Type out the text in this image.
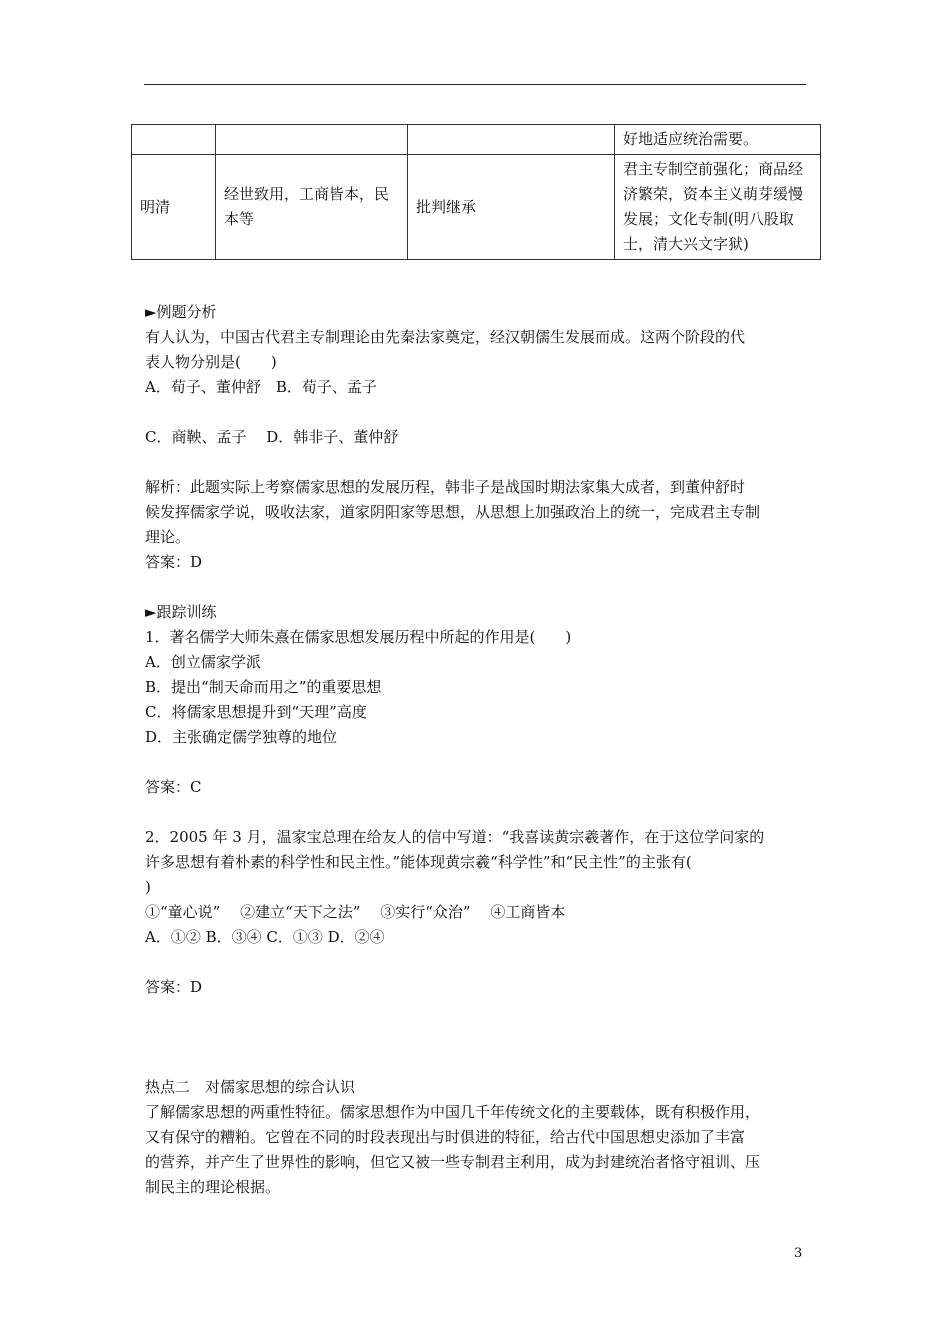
			好地适应统治需要。
明清	经世致用，工商皆本，民本等	批判继承	君主专制空前强化；商品经济繁荣，资本主义萌芽缓慢发展；文化专制(明八股取士，清大兴文字狱)

►例题分析

有人认为，中国古代君主专制理论由先秦法家奠定，经汉朝儒生发展而成。这两个阶段的代

表人物分别是(　　)

A．荀子、董仲舒　B．荀子、孟子

C．商鞅、孟子　 D．韩非子、董仲舒

解析：此题实际上考察儒家思想的发展历程，韩非子是战国时期法家集大成者，到董仲舒时

候发挥儒家学说，吸收法家，道家阴阳家等思想，从思想上加强政治上的统一，完成君主专制

理论。

答案：D

►跟踪训练

1．著名儒学大师朱熹在儒家思想发展历程中所起的作用是(　　)

A．创立儒家学派

B．提出“制天命而用之”的重要思想

C．将儒家思想提升到“天理”高度

D．主张确定儒学独尊的地位

答案：C

2．2005 年 3 月，温家宝总理在给友人的信中写道：“我喜读黄宗羲著作，在于这位学问家的

许多思想有着朴素的科学性和民主性。”能体现黄宗羲“科学性”和“民主性”的主张有(

)

①“童心说”　 ②建立“天下之法”　 ③实行“众治”　 ④工商皆本

A．①② B．③④ C．①③ D．②④

答案：D

热点二　对儒家思想的综合认识

了解儒家思想的两重性特征。儒家思想作为中国几千年传统文化的主要载体，既有积极作用，

又有保守的糟粕。它曾在不同的时段表现出与时俱进的特征，给古代中国思想史添加了丰富

的营养，并产生了世界性的影响，但它又被一些专制君主利用，成为封建统治者恪守祖训、压

制民主的理论根据。

3
